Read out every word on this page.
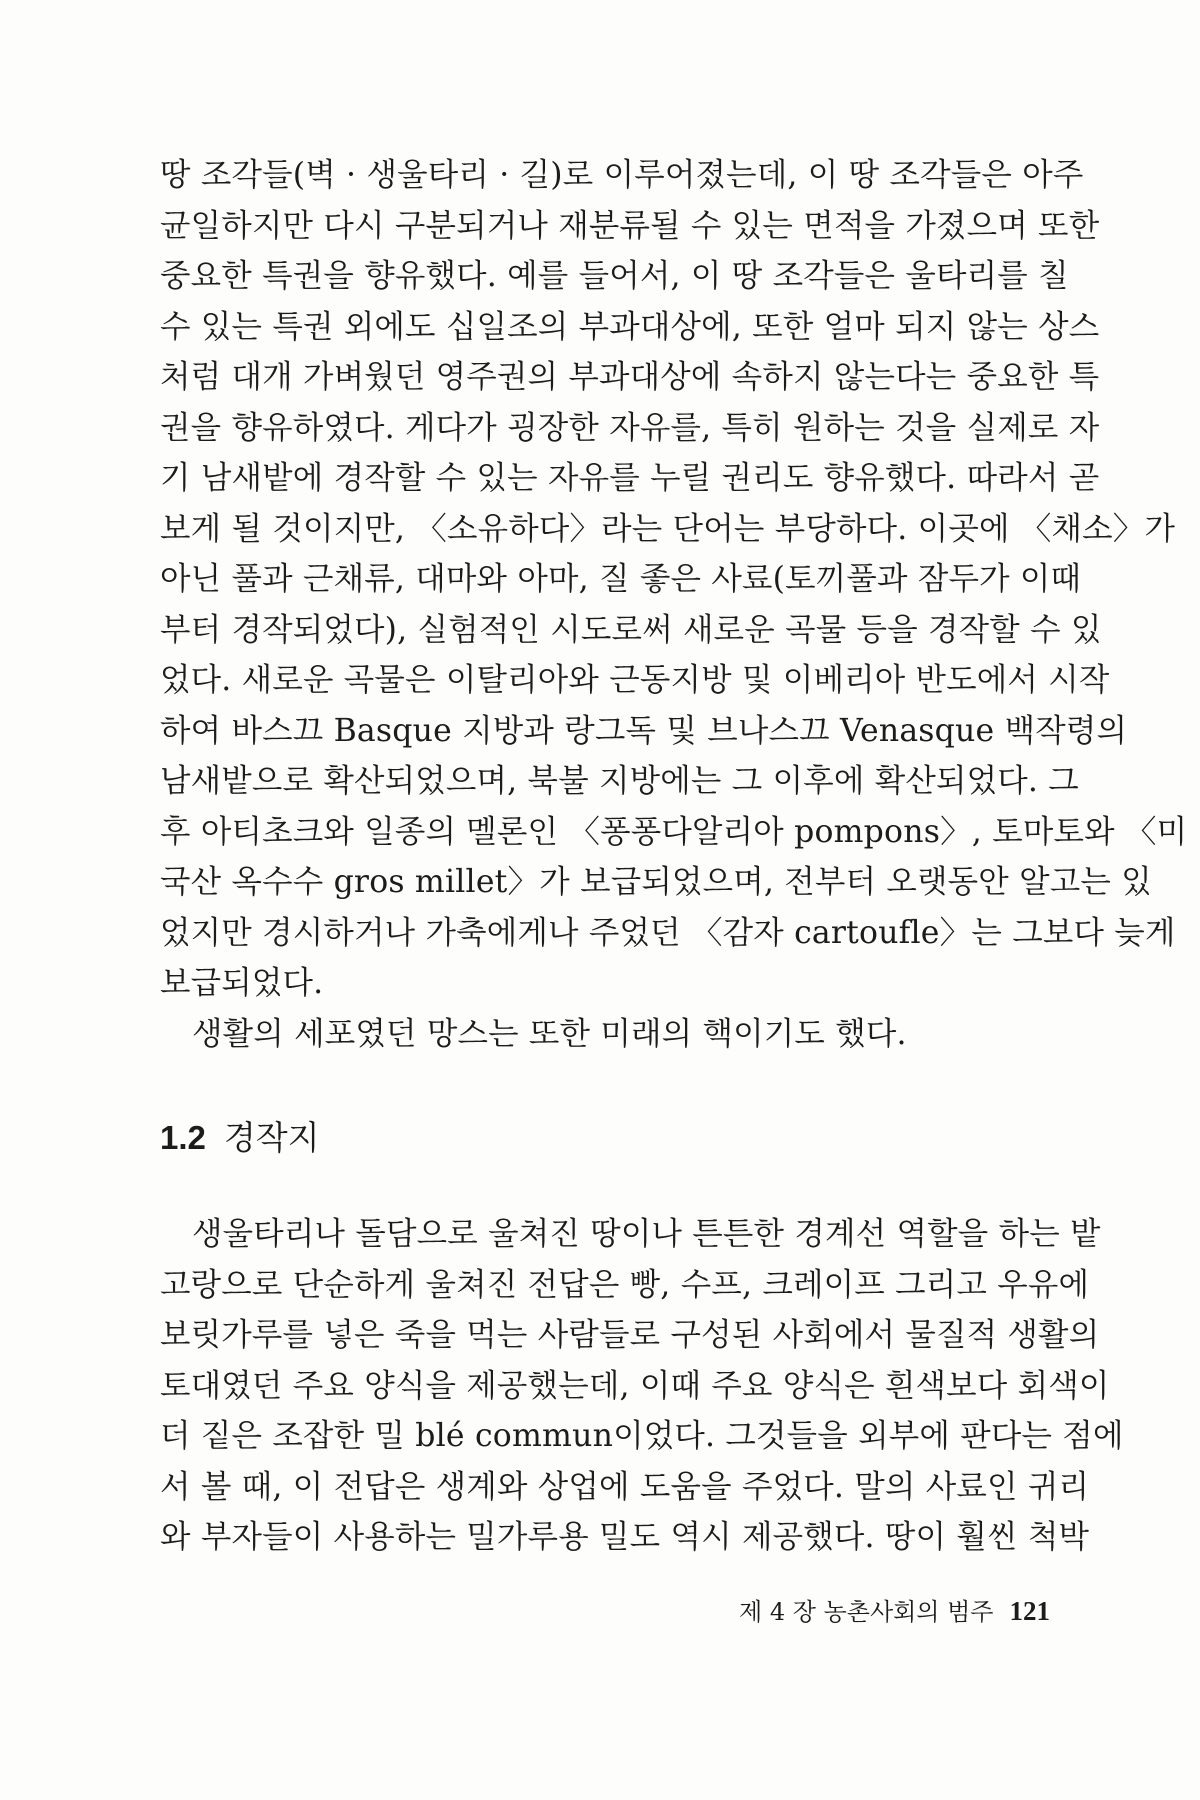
땅 조각들(벽 · 생울타리 · 길)로 이루어졌는데, 이 땅 조각들은 아주

균일하지만 다시 구분되거나 재분류될 수 있는 면적을 가졌으며 또한

중요한 특권을 향유했다. 예를 들어서, 이 땅 조각들은 울타리를 칠

수 있는 특권 외에도 십일조의 부과대상에, 또한 얼마 되지 않는 상스

처럼 대개 가벼웠던 영주권의 부과대상에 속하지 않는다는 중요한 특

권을 향유하였다. 게다가 굉장한 자유를, 특히 원하는 것을 실제로 자

기 남새밭에 경작할 수 있는 자유를 누릴 권리도 향유했다. 따라서 곧

보게 될 것이지만, 〈소유하다〉라는 단어는 부당하다. 이곳에 〈채소〉가

아닌 풀과 근채류, 대마와 아마, 질 좋은 사료(토끼풀과 잠두가 이때

부터 경작되었다), 실험적인 시도로써 새로운 곡물 등을 경작할 수 있

었다. 새로운 곡물은 이탈리아와 근동지방 및 이베리아 반도에서 시작

하여 바스끄 Basque 지방과 랑그독 및 브나스끄 Venasque 백작령의

남새밭으로 확산되었으며, 북불 지방에는 그 이후에 확산되었다. 그

후 아티초크와 일종의 멜론인 〈퐁퐁다알리아 pompons〉, 토마토와 〈미

국산 옥수수 gros millet〉가 보급되었으며, 전부터 오랫동안 알고는 있

었지만 경시하거나 가축에게나 주었던 〈감자 cartoufle〉는 그보다 늦게

보급되었다.

생활의 세포였던 망스는 또한 미래의 핵이기도 했다.

1.2 경작지

생울타리나 돌담으로 울쳐진 땅이나 튼튼한 경계선 역할을 하는 밭

고랑으로 단순하게 울쳐진 전답은 빵, 수프, 크레이프 그리고 우유에

보릿가루를 넣은 죽을 먹는 사람들로 구성된 사회에서 물질적 생활의

토대였던 주요 양식을 제공했는데, 이때 주요 양식은 흰색보다 회색이

더 짙은 조잡한 밀 blé commun이었다. 그것들을 외부에 판다는 점에

서 볼 때, 이 전답은 생계와 상업에 도움을 주었다. 말의 사료인 귀리

와 부자들이 사용하는 밀가루용 밀도 역시 제공했다. 땅이 훨씬 척박

제 4 장 농촌사회의 범주 121
